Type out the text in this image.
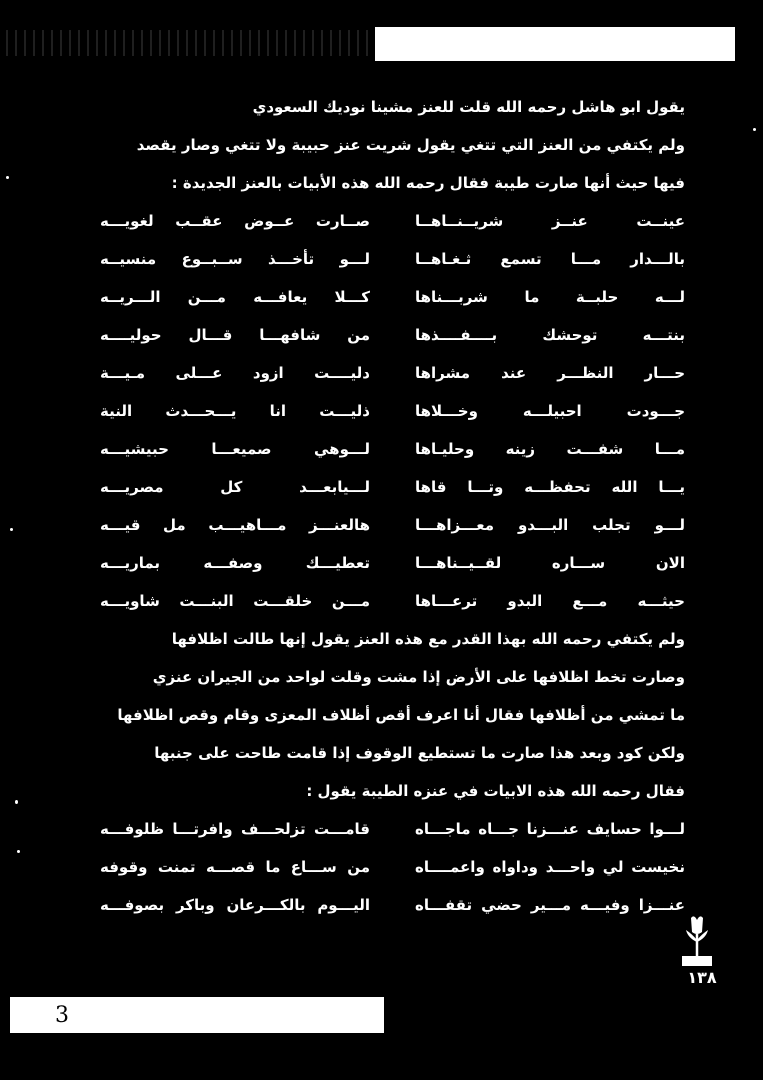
يقول ابو هاشل رحمه الله قلت للعنز مشينا نوديك السعودي
ولم يكتفي من العنز التي تتغي يقول شريت عنز حبيبة ولا تتغي وصار يقصد
فيها حيث أنها صارت طيبة فقال رحمه الله هذه الأبيات بالعنز الجديدة :
عينــت عنــز شريــنــاهــا
صــارت عــوض عقــب لغويـــه
بالـــدار مـــا تسمع ثـغـاهــا
لـــو تأخـــذ ســبــوع منسيــه
لـــه حلبــة ما شربـــناها
كـــلا يعافـــه مـــن الـــريــه
بنتـــه توحشك بــــفــــذها
من شافهـــا قـــال حوليــــه
حـــار النظـــر عند مشراها
دليــــت ازود عـــلى مـيـــة
جـــودت احبيلـــه وخـــلاها
ذليـــت انا يـــحـــدث النية
مـــا شفـــت زينه وحليـاها
لـــوهي صميعـــا حبيشيـــه
يـــا الله تحفظـــه وتـــا قاها
لـــيابعـــد كل مصريـــه
لـــو تجلب البـــدو معـــزاهـــا
هالعنـــز مـــاهيـــب مل قيـــه
الان ســـاره لقــيــناهـــا
تعطيـــك وصفـــه بماريـــه
حيثـــه مـــع البدو ترعـــاها
مـــن خلقـــت البنـــت شاويـــه
ولم يكتفي رحمه الله بهذا القدر مع هذه العنز يقول إنها طالت اظلافها
وصارت تخط اظلافها على الأرض إذا مشت وقلت لواحد من الجيران عنزي
ما تمشي من أظلافها فقال أنا اعرف أقص أظلاف المعزى وقام وقص اظلافها
ولكن كود وبعد هذا صارت ما تستطيع الوقوف إذا قامت طاحت على جنبها
فقال رحمه الله هذه الابيات في عنزه الطيبة يقول :
لـــوا حسايف عنـــزنا جـــاه ماجـــاه
قامـــت تزلحـــف وافرتـــا ظلوفـــه
نخيست لي واحـــد وداواه واعمــــاه
من ســـاع ما قصـــه تمنت وقوفه
عنـــزا وفيـــه مـــير حضي تقفـــاه
اليـــوم بالكـــرعان وباكر بصوفـــه
١٣٨
3
